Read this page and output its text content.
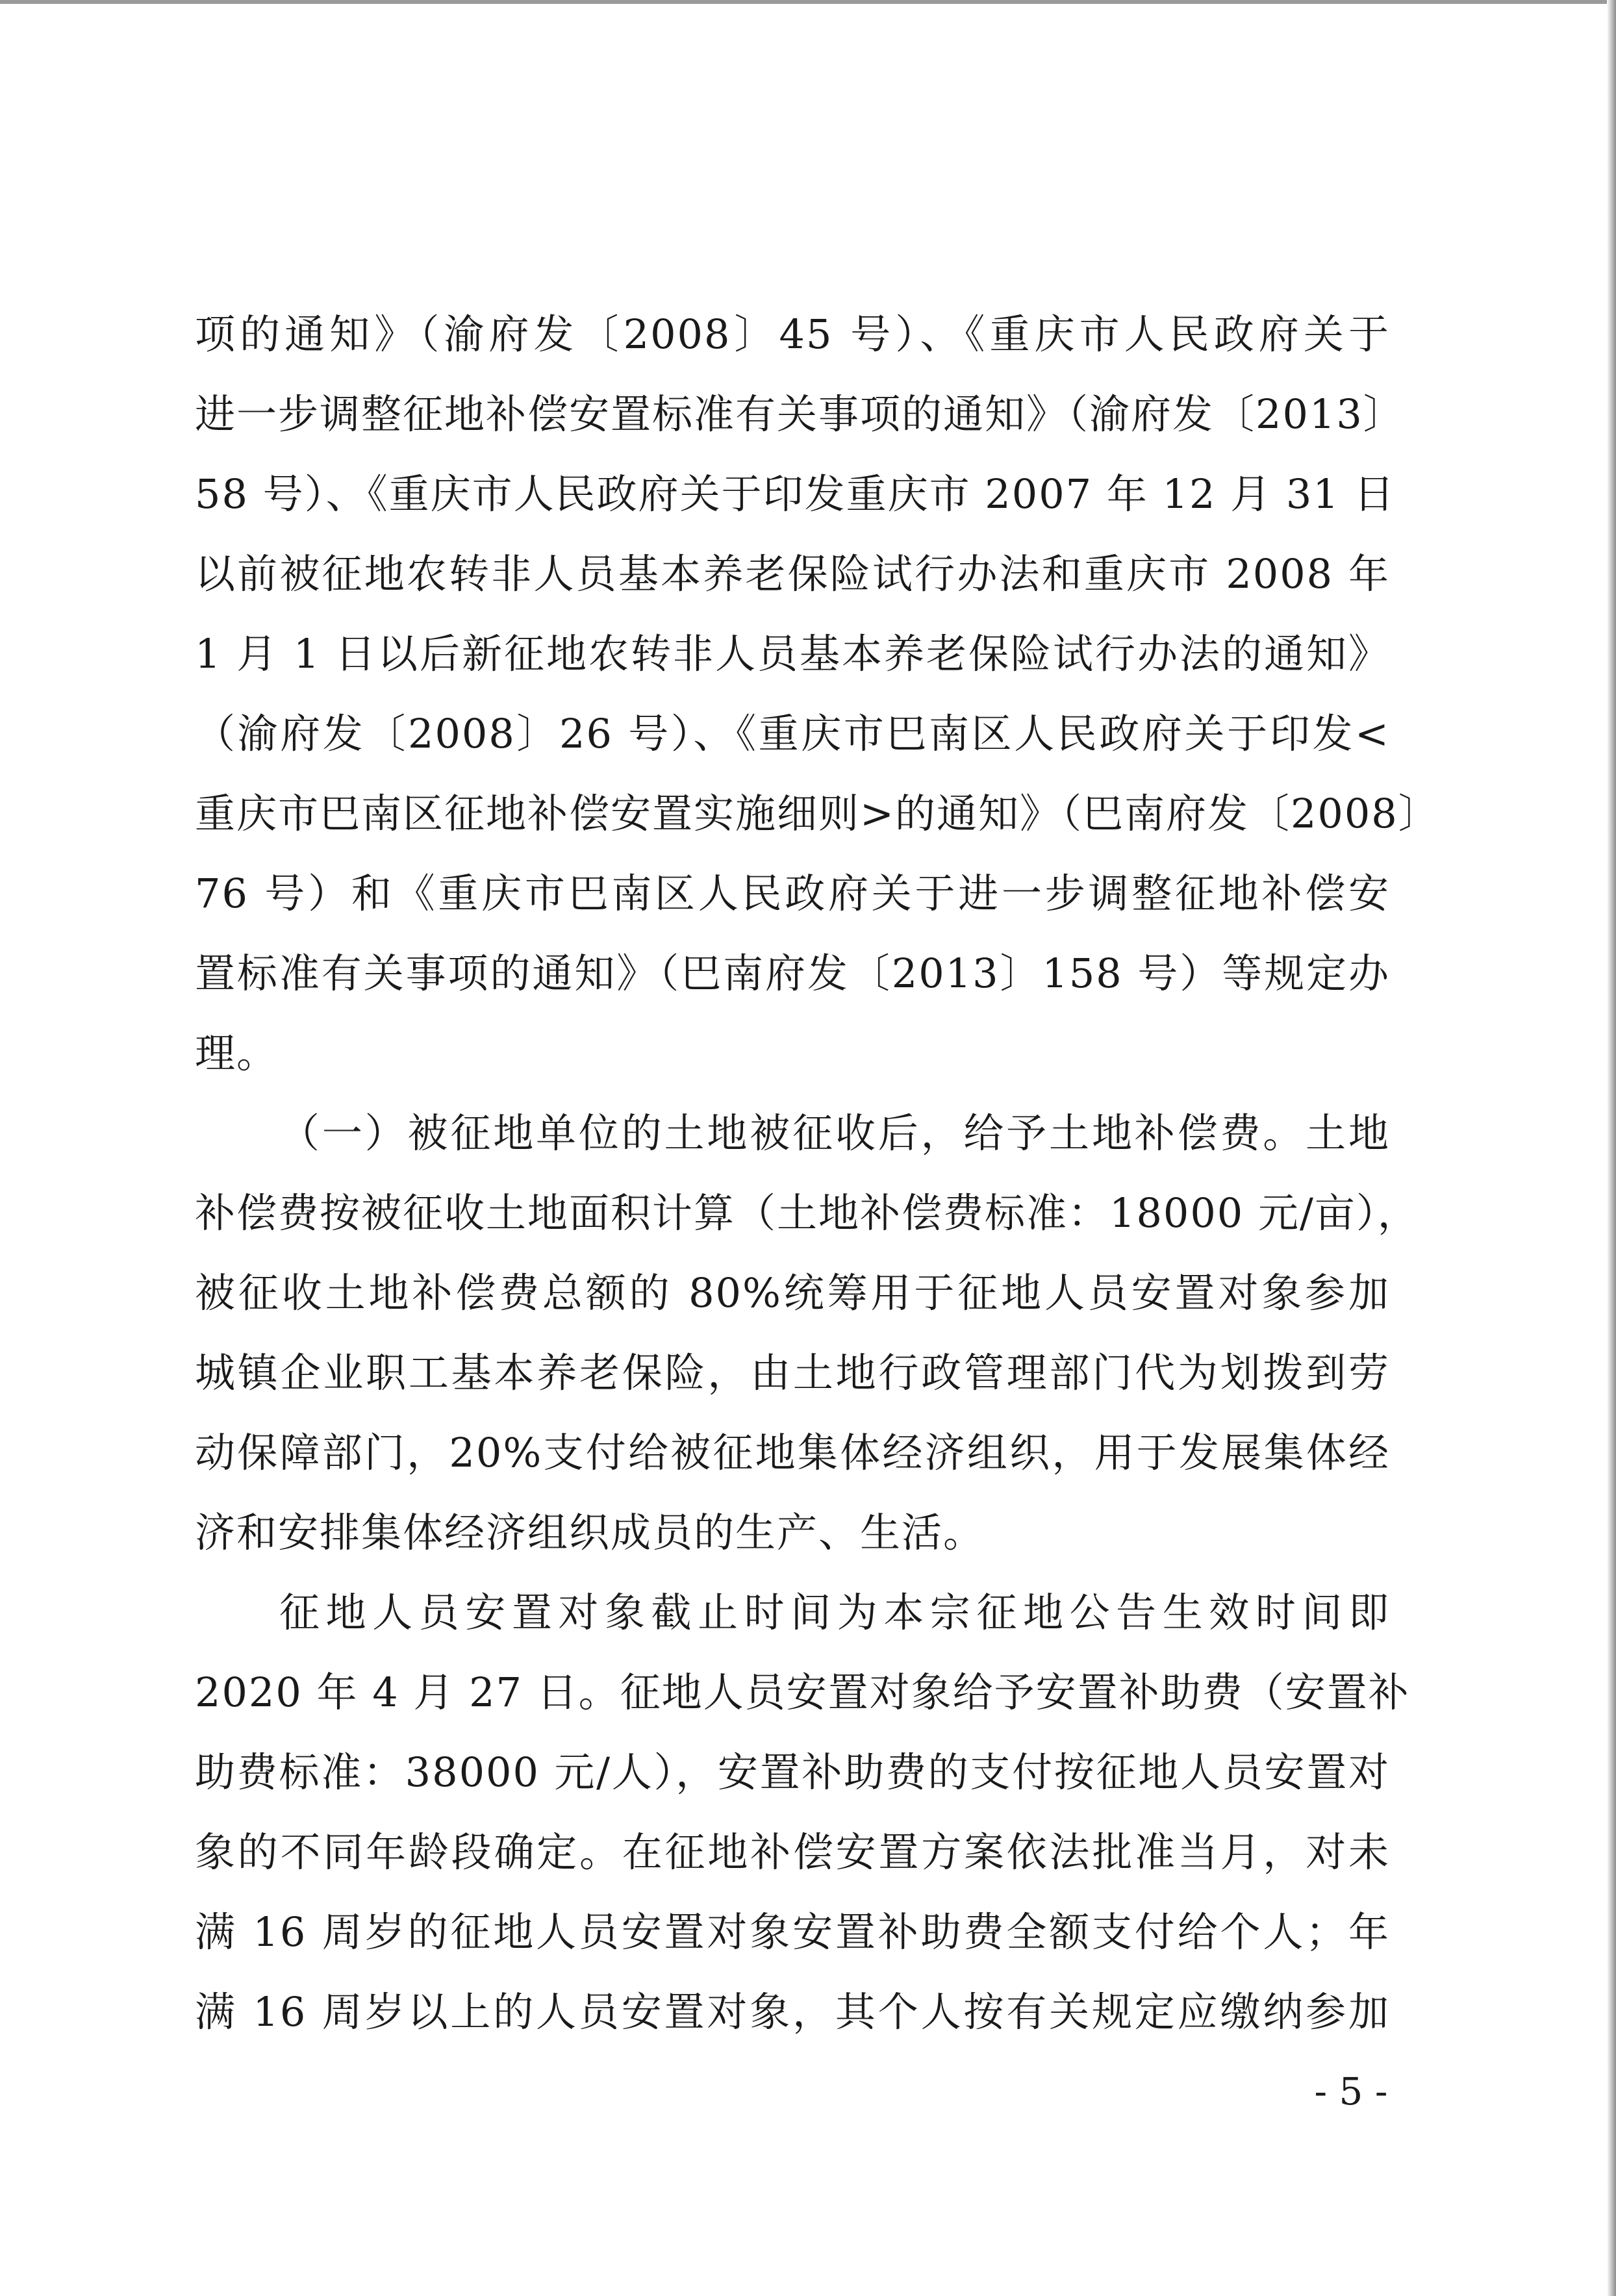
项的通知》（渝府发〔2008〕45 号）、《重庆市人民政府关于
进一步调整征地补偿安置标准有关事项的通知》（渝府发〔2013〕
58 号）、《重庆市人民政府关于印发重庆市 2007 年 12 月 31 日
以前被征地农转非人员基本养老保险试行办法和重庆市 2008 年
1 月 1 日以后新征地农转非人员基本养老保险试行办法的通知》
（渝府发〔2008〕26 号）、《重庆市巴南区人民政府关于印发<
重庆市巴南区征地补偿安置实施细则>的通知》（巴南府发〔2008〕
76 号）和《重庆市巴南区人民政府关于进一步调整征地补偿安
置标准有关事项的通知》（巴南府发〔2013〕158 号）等规定办
理。
（一）被征地单位的土地被征收后，给予土地补偿费。土地
补偿费按被征收土地面积计算（土地补偿费标准：18000 元/亩），
被征收土地补偿费总额的 80%统筹用于征地人员安置对象参加
城镇企业职工基本养老保险，由土地行政管理部门代为划拨到劳
动保障部门，20%支付给被征地集体经济组织，用于发展集体经
济和安排集体经济组织成员的生产、生活。
征地人员安置对象截止时间为本宗征地公告生效时间即
2020 年 4 月 27 日。征地人员安置对象给予安置补助费（安置补
助费标准：38000 元/人），安置补助费的支付按征地人员安置对
象的不同年龄段确定。在征地补偿安置方案依法批准当月，对未
满 16 周岁的征地人员安置对象安置补助费全额支付给个人；年
满 16 周岁以上的人员安置对象，其个人按有关规定应缴纳参加
- 5 -
